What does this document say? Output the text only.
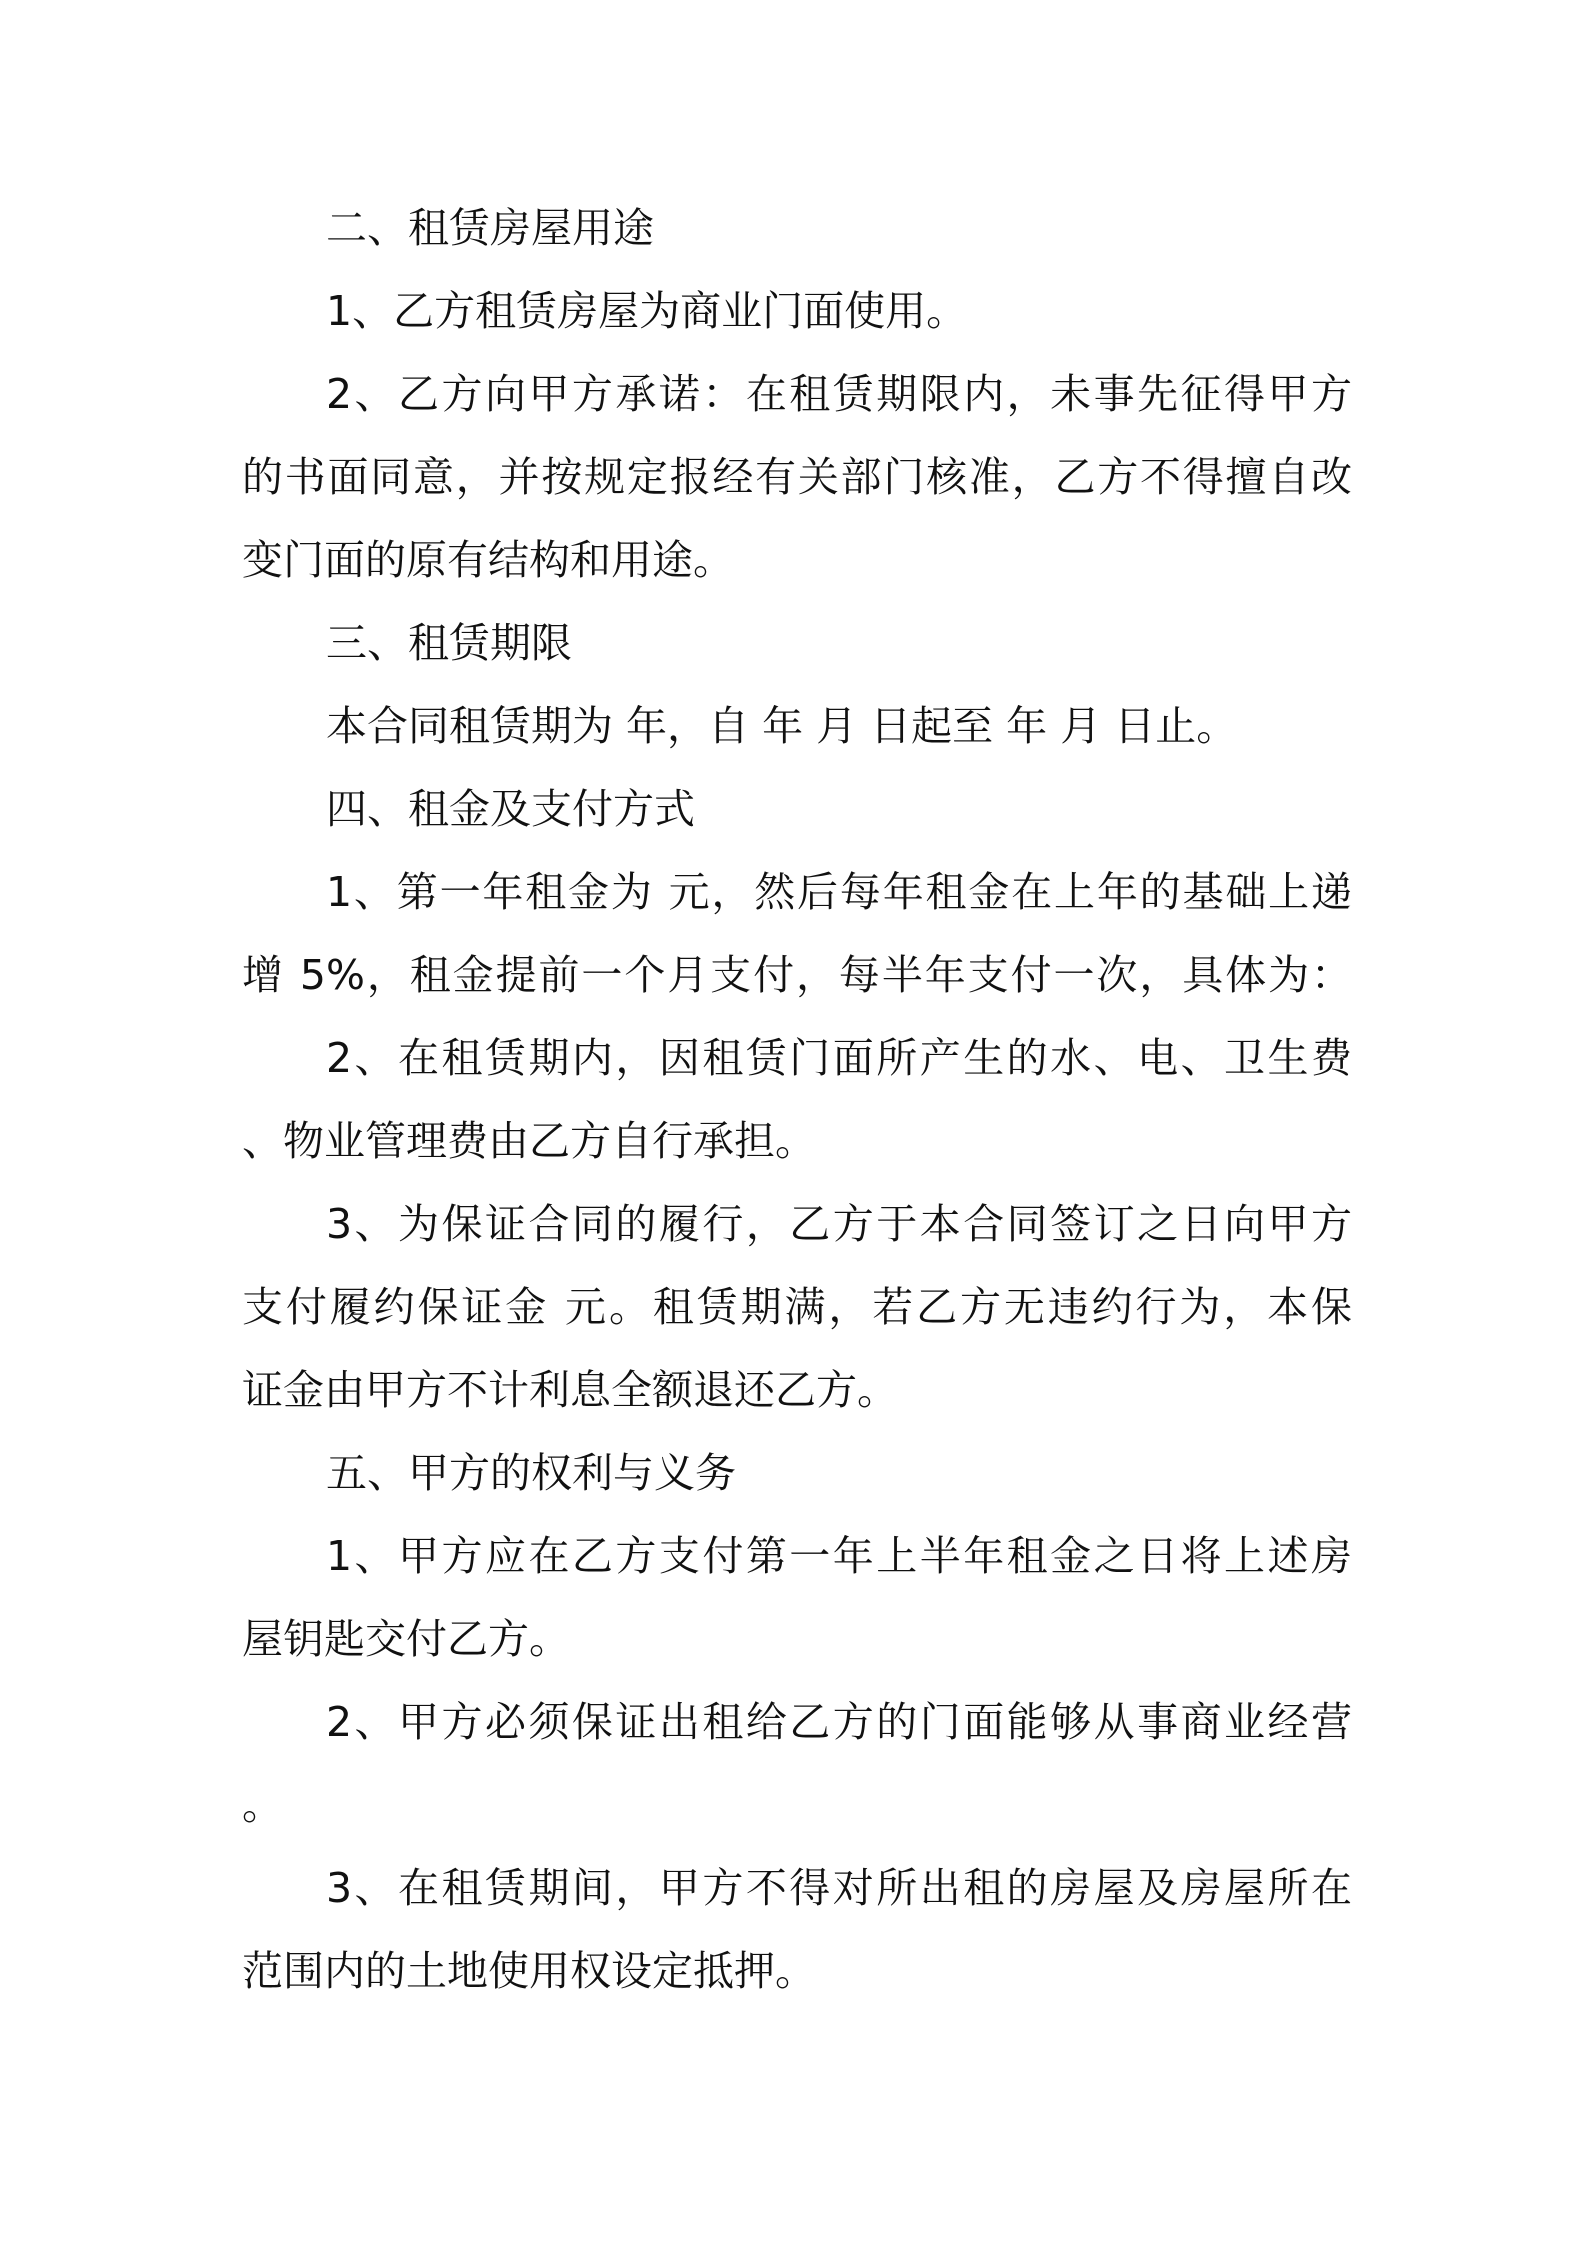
二、租赁房屋用途
1、乙方租赁房屋为商业门面使用。
2、乙方向甲方承诺：在租赁期限内，未事先征得甲方
的书面同意，并按规定报经有关部门核准，乙方不得擅自改
变门面的原有结构和用途。
三、租赁期限
本合同租赁期为 年，自 年 月 日起至 年 月 日止。
四、租金及支付方式
1、第一年租金为 元，然后每年租金在上年的基础上递
增 5%，租金提前一个月支付，每半年支付一次，具体为：
2、在租赁期内，因租赁门面所产生的水、电、卫生费
、物业管理费由乙方自行承担。
3、为保证合同的履行，乙方于本合同签订之日向甲方
支付履约保证金 元。租赁期满，若乙方无违约行为，本保
证金由甲方不计利息全额退还乙方。
五、甲方的权利与义务
1、甲方应在乙方支付第一年上半年租金之日将上述房
屋钥匙交付乙方。
2、甲方必须保证出租给乙方的门面能够从事商业经营
。
3、在租赁期间，甲方不得对所出租的房屋及房屋所在
范围内的土地使用权设定抵押。
